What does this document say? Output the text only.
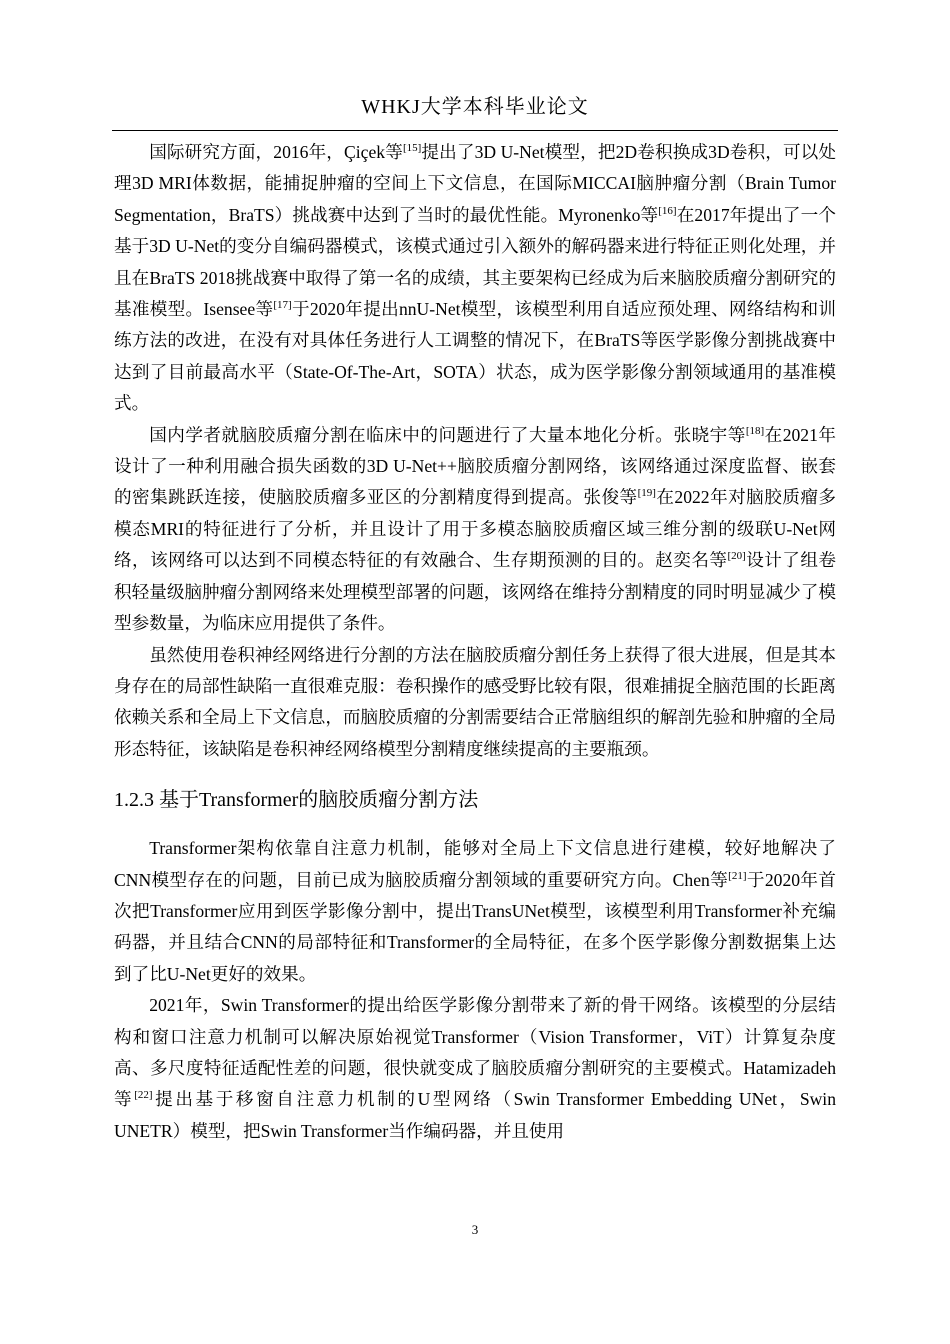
WHKJ大学本科毕业论文

国际研究方面，2016年，Çiçek等[15]提出了3D U-Net模型，把2D卷积换成3D卷积，可以处理3D MRI体数据，能捕捉肿瘤的空间上下文信息，在国际MICCAI脑肿瘤分割（Brain Tumor Segmentation，BraTS）挑战赛中达到了当时的最优性能。Myronenko等[16]在2017年提出了一个基于3D U-Net的变分自编码器模式，该模式通过引入额外的解码器来进行特征正则化处理，并且在BraTS 2018挑战赛中取得了第一名的成绩，其主要架构已经成为后来脑胶质瘤分割研究的基准模型。Isensee等[17]于2020年提出nnU-Net模型，该模型利用自适应预处理、网络结构和训练方法的改进，在没有对具体任务进行人工调整的情况下，在BraTS等医学影像分割挑战赛中达到了目前最高水平（State-Of-The-Art，SOTA）状态，成为医学影像分割领域通用的基准模式。

国内学者就脑胶质瘤分割在临床中的问题进行了大量本地化分析。张晓宇等[18]在2021年设计了一种利用融合损失函数的3D U-Net++脑胶质瘤分割网络，该网络通过深度监督、嵌套的密集跳跃连接，使脑胶质瘤多亚区的分割精度得到提高。张俊等[19]在2022年对脑胶质瘤多模态MRI的特征进行了分析，并且设计了用于多模态脑胶质瘤区域三维分割的级联U-Net网络，该网络可以达到不同模态特征的有效融合、生存期预测的目的。赵奕名等[20]设计了组卷积轻量级脑肿瘤分割网络来处理模型部署的问题，该网络在维持分割精度的同时明显减少了模型参数量，为临床应用提供了条件。

虽然使用卷积神经网络进行分割的方法在脑胶质瘤分割任务上获得了很大进展，但是其本身存在的局部性缺陷一直很难克服：卷积操作的感受野比较有限，很难捕捉全脑范围的长距离依赖关系和全局上下文信息，而脑胶质瘤的分割需要结合正常脑组织的解剖先验和肿瘤的全局形态特征，该缺陷是卷积神经网络模型分割精度继续提高的主要瓶颈。

1.2.3 基于Transformer的脑胶质瘤分割方法

Transformer架构依靠自注意力机制，能够对全局上下文信息进行建模，较好地解决了CNN模型存在的问题，目前已成为脑胶质瘤分割领域的重要研究方向。Chen等[21]于2020年首次把Transformer应用到医学影像分割中，提出TransUNet模型，该模型利用Transformer补充编码器，并且结合CNN的局部特征和Transformer的全局特征，在多个医学影像分割数据集上达到了比U-Net更好的效果。

2021年，Swin Transformer的提出给医学影像分割带来了新的骨干网络。该模型的分层结构和窗口注意力机制可以解决原始视觉Transformer（Vision Transformer，ViT）计算复杂度高、多尺度特征适配性差的问题，很快就变成了脑胶质瘤分割研究的主要模式。Hatamizadeh等[22]提出基于移窗自注意力机制的U型网络（Swin Transformer Embedding UNet，Swin UNETR）模型，把Swin Transformer当作编码器，并且使用

3
